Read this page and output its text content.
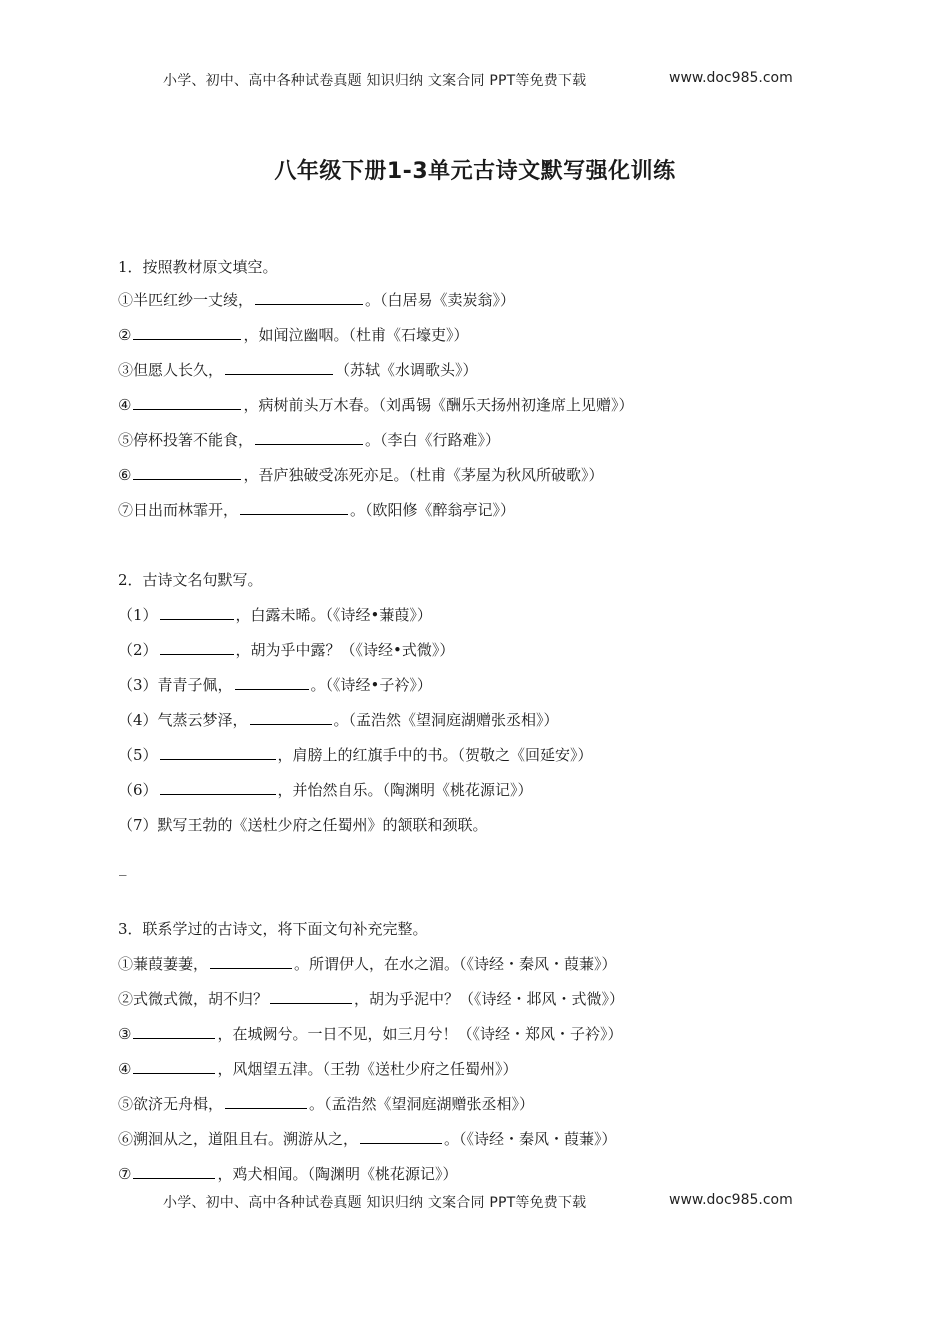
小学、初中、高中各种试卷真题 知识归纳 文案合同 PPT等免费下载	www.doc985.com
八年级下册1-3单元古诗文默写强化训练
1．按照教材原文填空。
①半匹红纱一丈绫，	。（白居易《卖炭翁》）
②	，如闻泣幽咽。（杜甫《石壕吏》）
③但愿人长久，	（苏轼《水调歌头》）
④	，病树前头万木春。（刘禹锡《酬乐天扬州初逢席上见赠》）
⑤停杯投箸不能食，	。（李白《行路难》）
⑥	，吾庐独破受冻死亦足。（杜甫《茅屋为秋风所破歌》）
⑦日出而林霏开，	。（欧阳修《醉翁亭记》）
2．古诗文名句默写。
（1）	，白露未晞。（《诗经•蒹葭》）
（2）	，胡为乎中露？（《诗经•式微》）
（3）青青子佩，	。（《诗经•子衿》）
（4）气蒸云梦泽，	。（孟浩然《望洞庭湖赠张丞相》）
（5）	，肩膀上的红旗手中的书。（贺敬之《回延安》）
（6）	，并怡然自乐。（陶渊明《桃花源记》）
（7）默写王勃的《送杜少府之任蜀州》的颔联和颈联。
_
3．联系学过的古诗文，将下面文句补充完整。
①蒹葭萋萋，	。所谓伊人，在水之湄。（《诗经・秦风・葭蒹》）
②式微式微，胡不归？	，胡为乎泥中？（《诗经・邶风・式微》）
③	，在城阙兮。一日不见，如三月兮！（《诗经・郑风・子衿》）
④	，风烟望五津。（王勃《送杜少府之任蜀州》）
⑤欲济无舟楫，	。（孟浩然《望洞庭湖赠张丞相》）
⑥溯洄从之，道阻且右。溯游从之，	。（《诗经・秦风・葭蒹》）
⑦	，鸡犬相闻。（陶渊明《桃花源记》）
小学、初中、高中各种试卷真题 知识归纳 文案合同 PPT等免费下载	www.doc985.com
